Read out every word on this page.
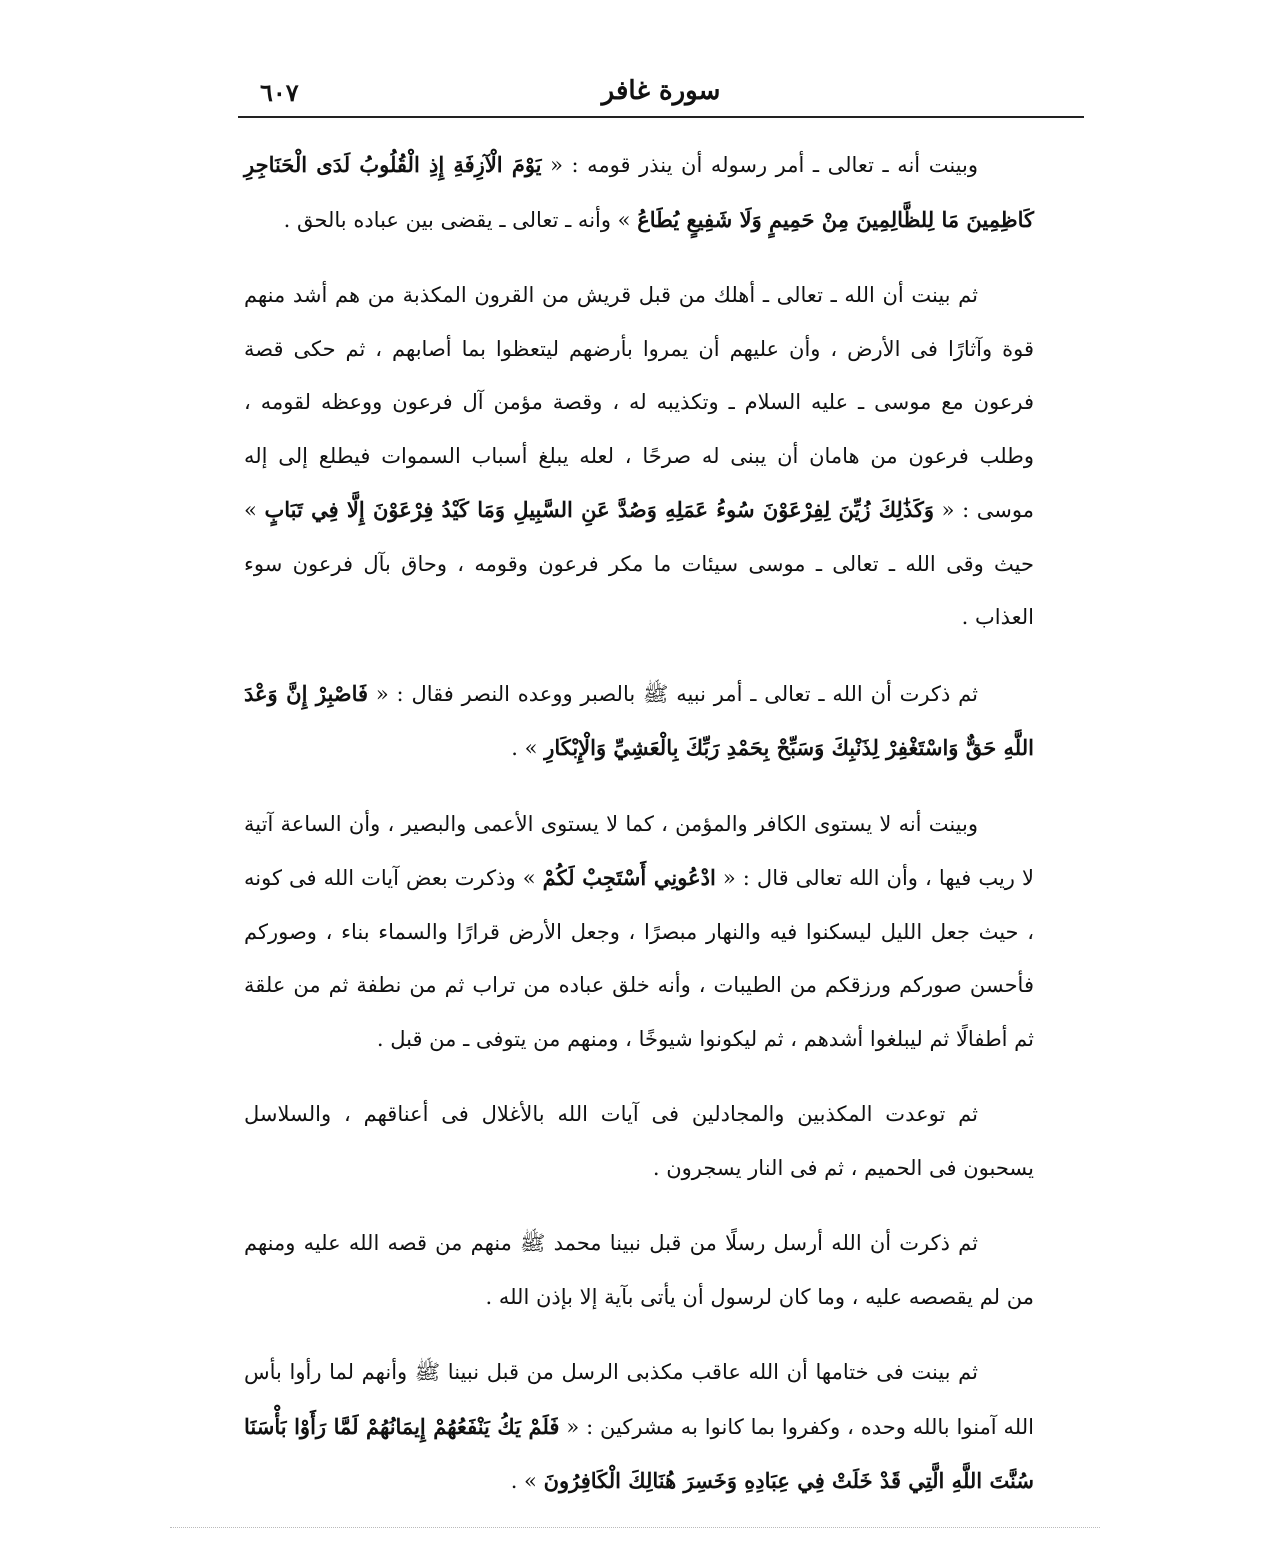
٦٠٧	سورة غافر

وبينت أنه ـ تعالى ـ أمر رسوله أن ينذر قومه : « يَوْمَ الْآزِفَةِ إِذِ الْقُلُوبُ لَدَى الْحَنَاجِرِ كَاظِمِينَ مَا لِلظَّالِمِينَ مِنْ حَمِيمٍ وَلَا شَفِيعٍ يُطَاعُ » وأنه ـ تعالى ـ يقضى بين عباده بالحق .

ثم بينت أن الله ـ تعالى ـ أهلك من قبل قريش من القرون المكذبة من هم أشد منهم قوة وآثارًا فى الأرض ، وأن عليهم أن يمروا بأرضهم ليتعظوا بما أصابهم ، ثم حكى قصة فرعون مع موسى ـ عليه السلام ـ وتكذيبه له ، وقصة مؤمن آل فرعون ووعظه لقومه ، وطلب فرعون من هامان أن يبنى له صرحًا ، لعله يبلغ أسباب السموات فيطلع إلى إله موسى : « وَكَذَٰلِكَ زُيِّنَ لِفِرْعَوْنَ سُوءُ عَمَلِهِ وَصُدَّ عَنِ السَّبِيلِ وَمَا كَيْدُ فِرْعَوْنَ إِلَّا فِي تَبَابٍ » حيث وقى الله ـ تعالى ـ موسى سيئات ما مكر فرعون وقومه ، وحاق بآل فرعون سوء العذاب .

ثم ذكرت أن الله ـ تعالى ـ أمر نبيه ﷺ بالصبر ووعده النصر فقال : « فَاصْبِرْ إِنَّ وَعْدَ اللَّهِ حَقٌّ وَاسْتَغْفِرْ لِذَنْبِكَ وَسَبِّحْ بِحَمْدِ رَبِّكَ بِالْعَشِيِّ وَالْإِبْكَارِ » .

وبينت أنه لا يستوى الكافر والمؤمن ، كما لا يستوى الأعمى والبصير ، وأن الساعة آتية لا ريب فيها ، وأن الله تعالى قال : « ادْعُونِي أَسْتَجِبْ لَكُمْ » وذكرت بعض آيات الله فى كونه ، حيث جعل الليل ليسكنوا فيه والنهار مبصرًا ، وجعل الأرض قرارًا والسماء بناء ، وصوركم فأحسن صوركم ورزقكم من الطيبات ، وأنه خلق عباده من تراب ثم من نطفة ثم من علقة ثم أطفالًا ثم ليبلغوا أشدهم ، ثم ليكونوا شيوخًا ، ومنهم من يتوفى ـ من قبل .

ثم توعدت المكذبين والمجادلين فى آيات الله بالأغلال فى أعناقهم ، والسلاسل يسحبون فى الحميم ، ثم فى النار يسجرون .

ثم ذكرت أن الله أرسل رسلًا من قبل نبينا محمد ﷺ منهم من قصه الله عليه ومنهم من لم يقصصه عليه ، وما كان لرسول أن يأتى بآية إلا بإذن الله .

ثم بينت فى ختامها أن الله عاقب مكذبى الرسل من قبل نبينا ﷺ وأنهم لما رأوا بأس الله آمنوا بالله وحده ، وكفروا بما كانوا به مشركين : « فَلَمْ يَكُ يَنْفَعُهُمْ إِيمَانُهُمْ لَمَّا رَأَوْا بَأْسَنَا سُنَّتَ اللَّهِ الَّتِي قَدْ خَلَتْ فِي عِبَادِهِ وَخَسِرَ هُنَالِكَ الْكَافِرُونَ » .
